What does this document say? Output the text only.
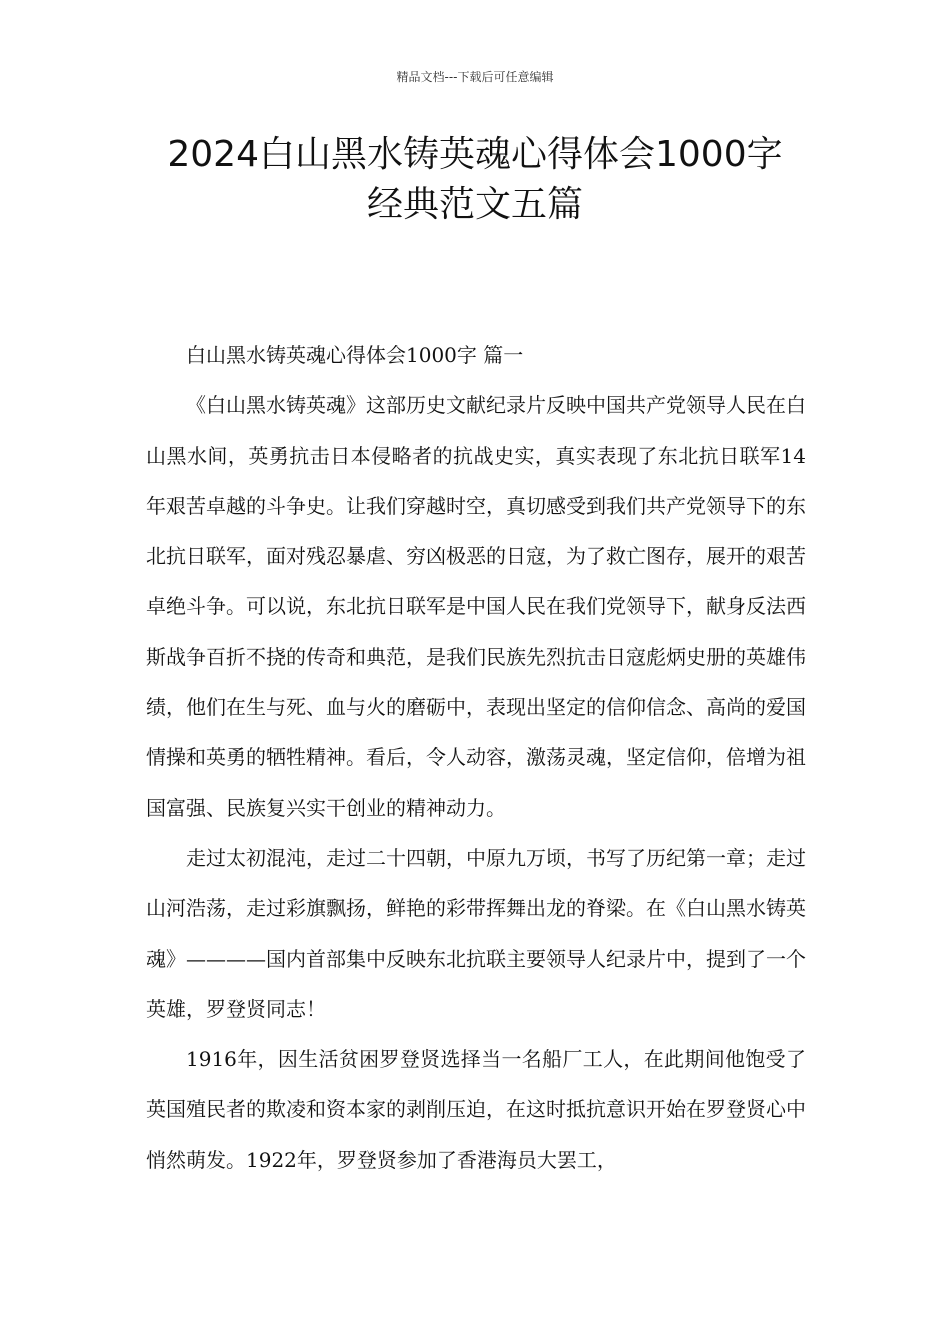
精品文档---下载后可任意编辑
2024白山黑水铸英魂心得体会1000字
经典范文五篇

白山黑水铸英魂心得体会1000字 篇一

《白山黑水铸英魂》这部历史文献纪录片反映中国共产党领导人民在白山黑水间，英勇抗击日本侵略者的抗战史实，真实表现了东北抗日联军14年艰苦卓越的斗争史。让我们穿越时空，真切感受到我们共产党领导下的东北抗日联军，面对残忍暴虐、穷凶极恶的日寇，为了救亡图存，展开的艰苦卓绝斗争。可以说，东北抗日联军是中国人民在我们党领导下，献身反法西斯战争百折不挠的传奇和典范，是我们民族先烈抗击日寇彪炳史册的英雄伟绩，他们在生与死、血与火的磨砺中，表现出坚定的信仰信念、高尚的爱国情操和英勇的牺牲精神。看后，令人动容，激荡灵魂，坚定信仰，倍增为祖国富强、民族复兴实干创业的精神动力。

走过太初混沌，走过二十四朝，中原九万顷，书写了历纪第一章；走过山河浩荡，走过彩旗飘扬，鲜艳的彩带挥舞出龙的脊梁。在《白山黑水铸英魂》————国内首部集中反映东北抗联主要领导人纪录片中，提到了一个英雄，罗登贤同志！

1916年，因生活贫困罗登贤选择当一名船厂工人，在此期间他饱受了英国殖民者的欺凌和资本家的剥削压迫，在这时抵抗意识开始在罗登贤心中悄然萌发。1922年，罗登贤参加了香港海员大罢工，
